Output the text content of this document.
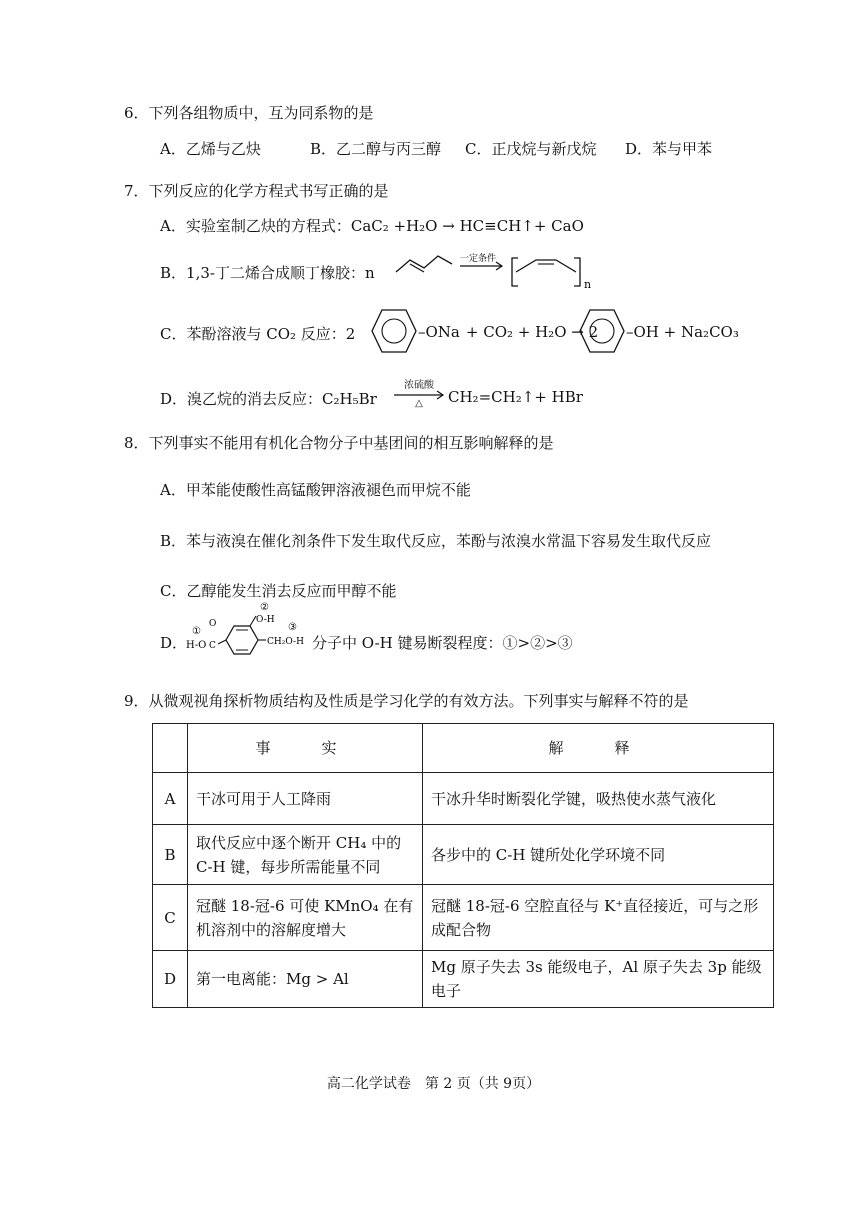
6．下列各组物质中，互为同系物的是
A．乙烯与乙炔	B．乙二醇与丙三醇 C．正戊烷与新戊烷 D．苯与甲苯
7．下列反应的化学方程式书写正确的是
A．实验室制乙炔的方程式：CaC₂ +H₂O → HC≡CH↑+ CaO
B．1,3-丁二烯合成顺丁橡胶：n
一定条件
n
C．苯酚溶液与 CO₂ 反应：2	–ONa + CO₂ + H₂O → 2 –OH + Na₂CO₃
D．溴乙烷的消去反应：C₂H₅Br
浓硫酸
△	CH₂=CH₂↑+ HBr
8．下列事实不能用有机化合物分子中基团间的相互影响解释的是
A．甲苯能使酸性高锰酸钾溶液褪色而甲烷不能
B．苯与液溴在催化剂条件下发生取代反应，苯酚与浓溴水常温下容易发生取代反应
C．乙醇能发生消去反应而甲醇不能
D．
①
H-O
O
C
②
O-H
CH₂O-H
③
分子中 O-H 键易断裂程度：①>②>③
9．从微观视角探析物质结构及性质是学习化学的有效方法。下列事实与解释不符的是
	事　实	解　释
A	干冰可用于人工降雨	干冰升华时断裂化学键，吸热使水蒸气液化
B	取代反应中逐个断开 CH₄ 中的 C-H 键，每步所需能量不同	各步中的 C-H 键所处化学环境不同
C	冠醚 18-冠-6 可使 KMnO₄ 在有机溶剂中的溶解度增大	冠醚 18-冠-6 空腔直径与 K⁺直径接近，可与之形成配合物
D	第一电离能：Mg > Al	Mg 原子失去 3s 能级电子，Al 原子失去 3p 能级电子
高二化学试卷　第 2 页（共 9页）
